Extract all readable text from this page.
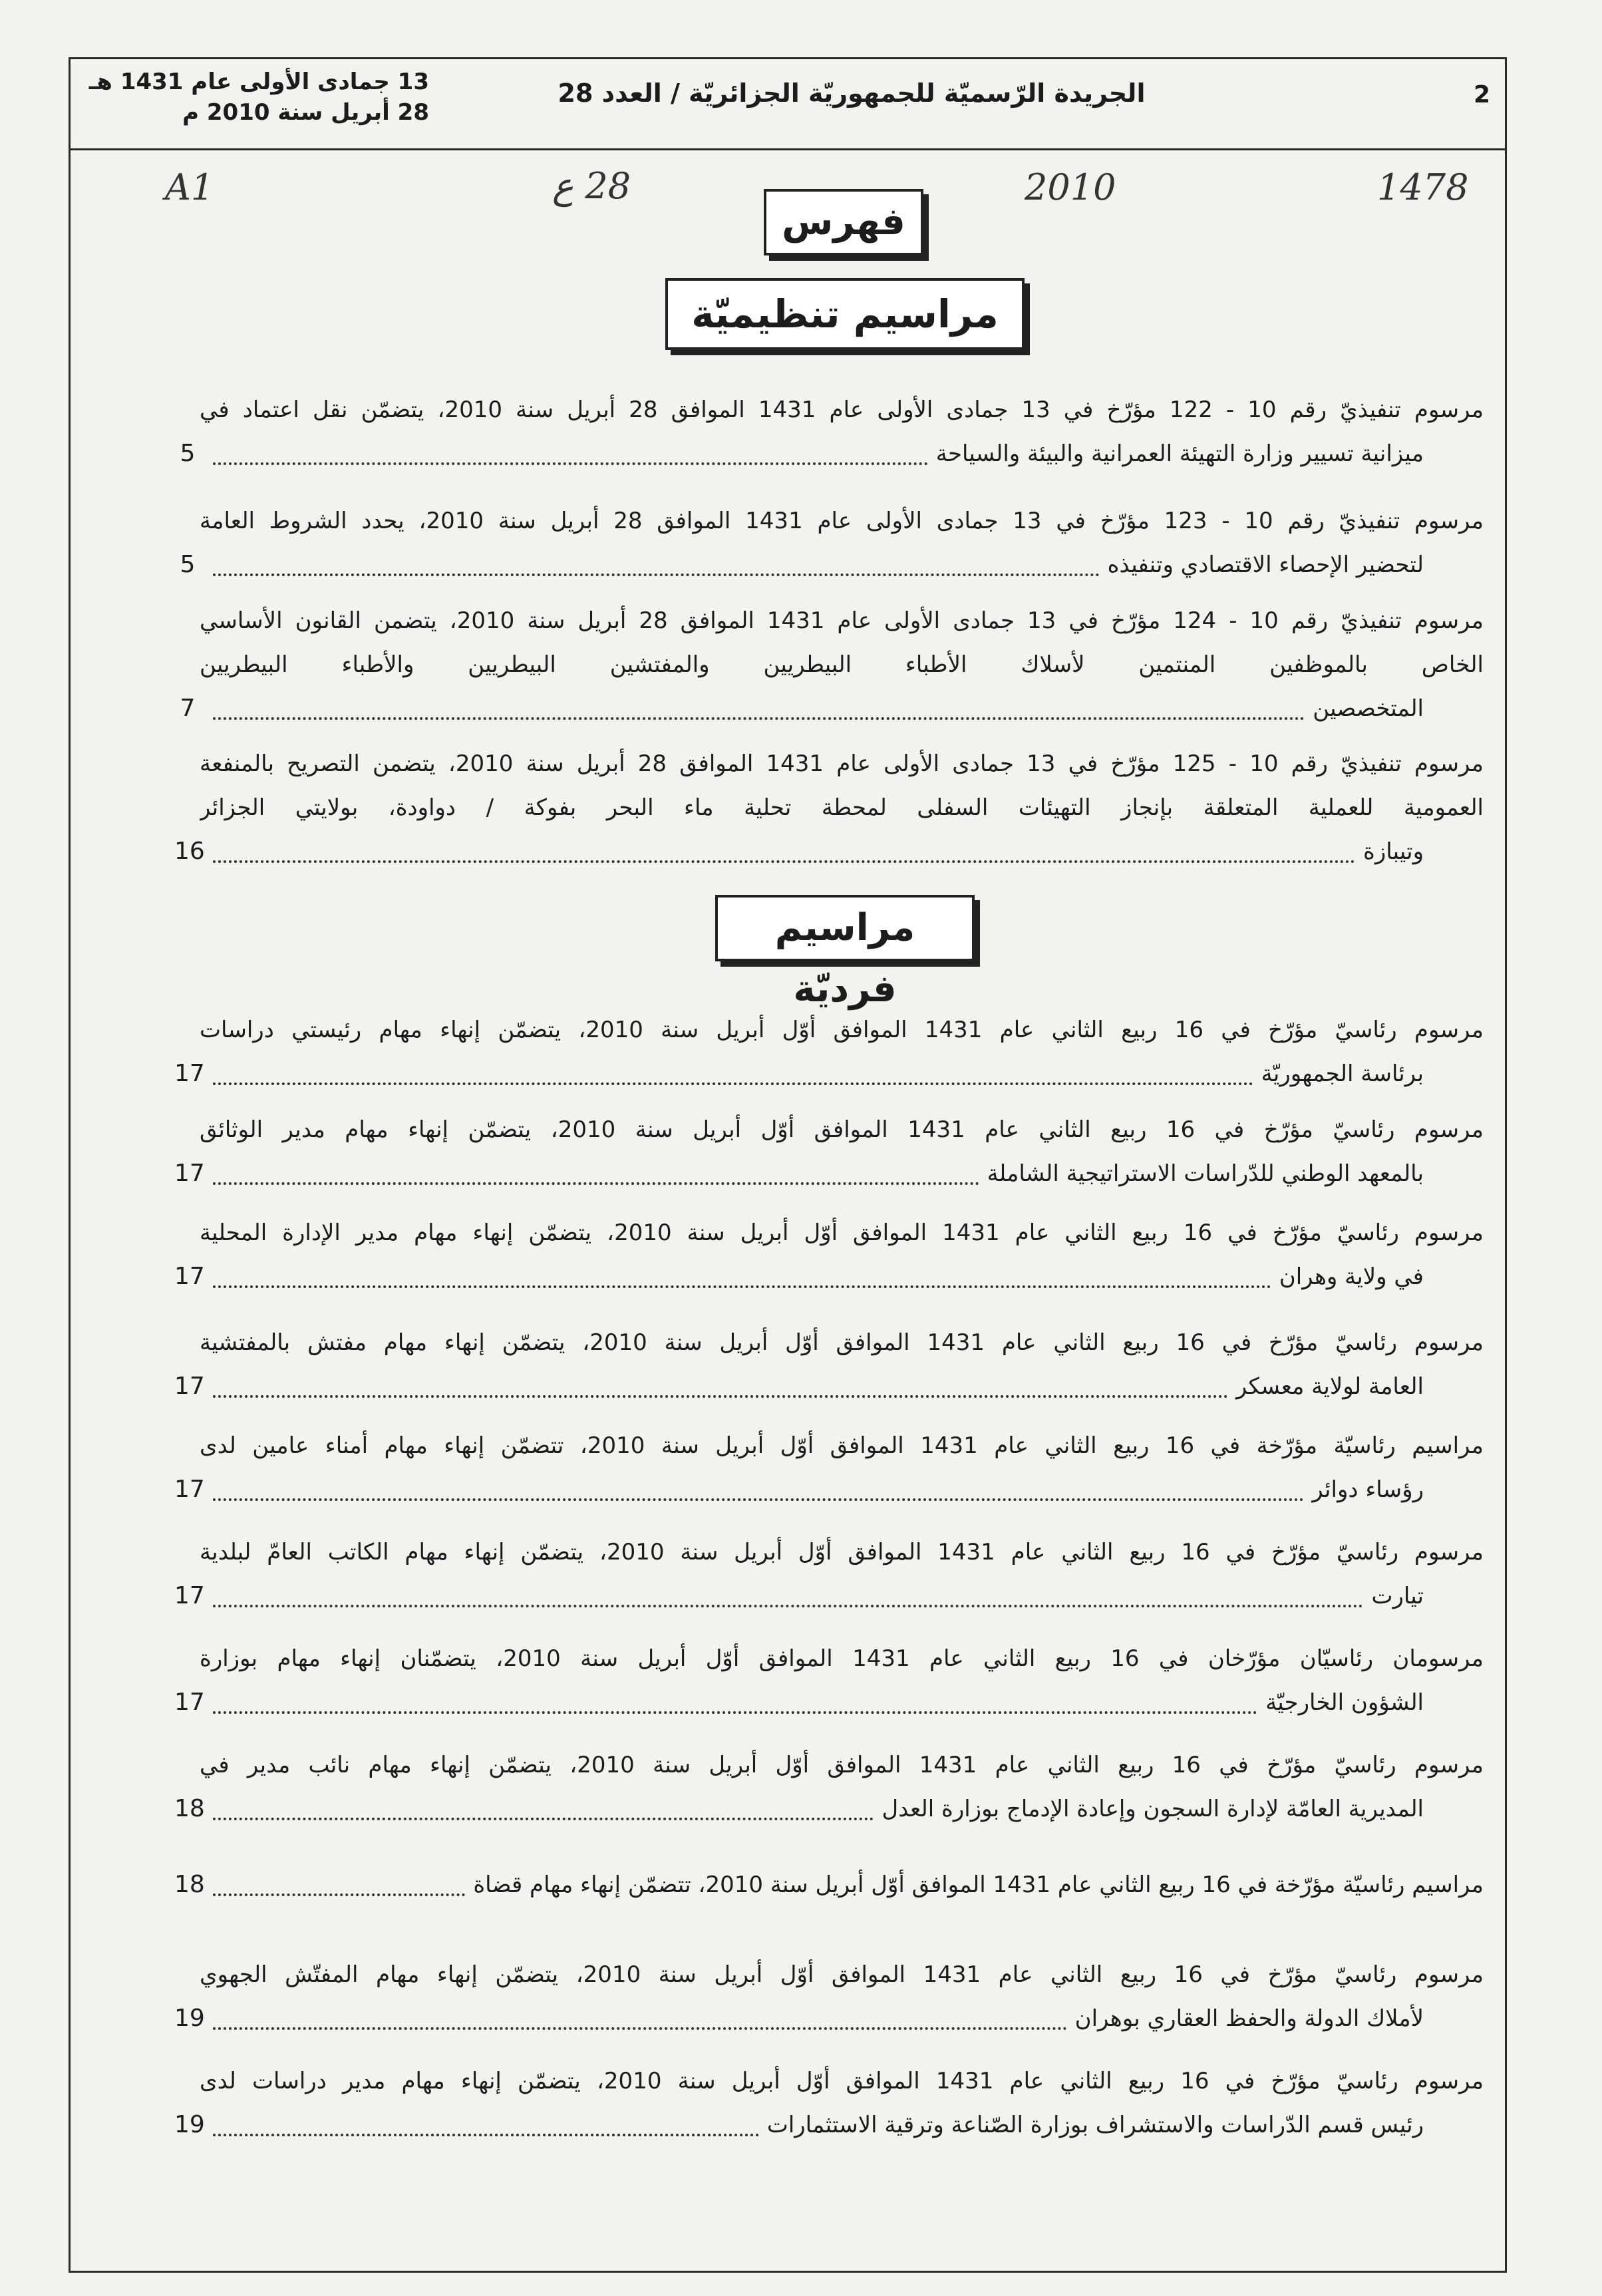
2
الجريدة الرّسميّة للجمهوريّة الجزائريّة / العدد 28
13 جمادى الأولى عام 1431 هـ
28 أبريل سنة 2010 م
A1	28 ع	2010	1478
فهرس
مراسيم تنظيميّة
مرسوم تنفيذيّ رقم 10 - 122 مؤرّخ في 13 جمادى الأولى عام 1431 الموافق 28 أبريل سنة 2010، يتضمّن نقل اعتماد في
ميزانية تسيير وزارة التهيئة العمرانية والبيئة والسياحة
5
مرسوم تنفيذيّ رقم 10 - 123 مؤرّخ في 13 جمادى الأولى عام 1431 الموافق 28 أبريل سنة 2010، يحدد الشروط العامة
لتحضير الإحصاء الاقتصادي وتنفيذه
5
مرسوم تنفيذيّ رقم 10 - 124 مؤرّخ في 13 جمادى الأولى عام 1431 الموافق 28 أبريل سنة 2010، يتضمن القانون الأساسي
الخاص بالموظفين المنتمين لأسلاك الأطباء البيطريين والمفتشين البيطريين والأطباء البيطريين
المتخصصين
7
مرسوم تنفيذيّ رقم 10 - 125 مؤرّخ في 13 جمادى الأولى عام 1431 الموافق 28 أبريل سنة 2010، يتضمن التصريح بالمنفعة
العمومية للعملية المتعلقة بإنجاز التهيئات السفلى لمحطة تحلية ماء البحر بفوكة / دواودة، بولايتي الجزائر
وتيبازة
16
مراسيم فرديّة
مرسوم رئاسيّ مؤرّخ في 16 ربيع الثاني عام 1431 الموافق أوّل أبريل سنة 2010، يتضمّن إنهاء مهام رئيستي دراسات
برئاسة الجمهوريّة
17
مرسوم رئاسيّ مؤرّخ في 16 ربيع الثاني عام 1431 الموافق أوّل أبريل سنة 2010، يتضمّن إنهاء مهام مدير الوثائق
بالمعهد الوطني للدّراسات الاستراتيجية الشاملة
17
مرسوم رئاسيّ مؤرّخ في 16 ربيع الثاني عام 1431 الموافق أوّل أبريل سنة 2010، يتضمّن إنهاء مهام مدير الإدارة المحلية
في ولاية وهران
17
مرسوم رئاسيّ مؤرّخ في 16 ربيع الثاني عام 1431 الموافق أوّل أبريل سنة 2010، يتضمّن إنهاء مهام مفتش بالمفتشية
العامة لولاية معسكر
17
مراسيم رئاسيّة مؤرّخة في 16 ربيع الثاني عام 1431 الموافق أوّل أبريل سنة 2010، تتضمّن إنهاء مهام أمناء عامين لدى
رؤساء دوائر
17
مرسوم رئاسيّ مؤرّخ في 16 ربيع الثاني عام 1431 الموافق أوّل أبريل سنة 2010، يتضمّن إنهاء مهام الكاتب العامّ لبلدية
تيارت
17
مرسومان رئاسيّان مؤرّخان في 16 ربيع الثاني عام 1431 الموافق أوّل أبريل سنة 2010، يتضمّنان إنهاء مهام بوزارة
الشؤون الخارجيّة
17
مرسوم رئاسيّ مؤرّخ في 16 ربيع الثاني عام 1431 الموافق أوّل أبريل سنة 2010، يتضمّن إنهاء مهام نائب مدير في
المديرية العامّة لإدارة السجون وإعادة الإدماج بوزارة العدل
18
مراسيم رئاسيّة مؤرّخة في 16 ربيع الثاني عام 1431 الموافق أوّل أبريل سنة 2010، تتضمّن إنهاء مهام قضاة
18
مرسوم رئاسيّ مؤرّخ في 16 ربيع الثاني عام 1431 الموافق أوّل أبريل سنة 2010، يتضمّن إنهاء مهام المفتّش الجهوي
لأملاك الدولة والحفظ العقاري بوهران
19
مرسوم رئاسيّ مؤرّخ في 16 ربيع الثاني عام 1431 الموافق أوّل أبريل سنة 2010، يتضمّن إنهاء مهام مدير دراسات لدى
رئيس قسم الدّراسات والاستشراف بوزارة الصّناعة وترقية الاستثمارات
19
